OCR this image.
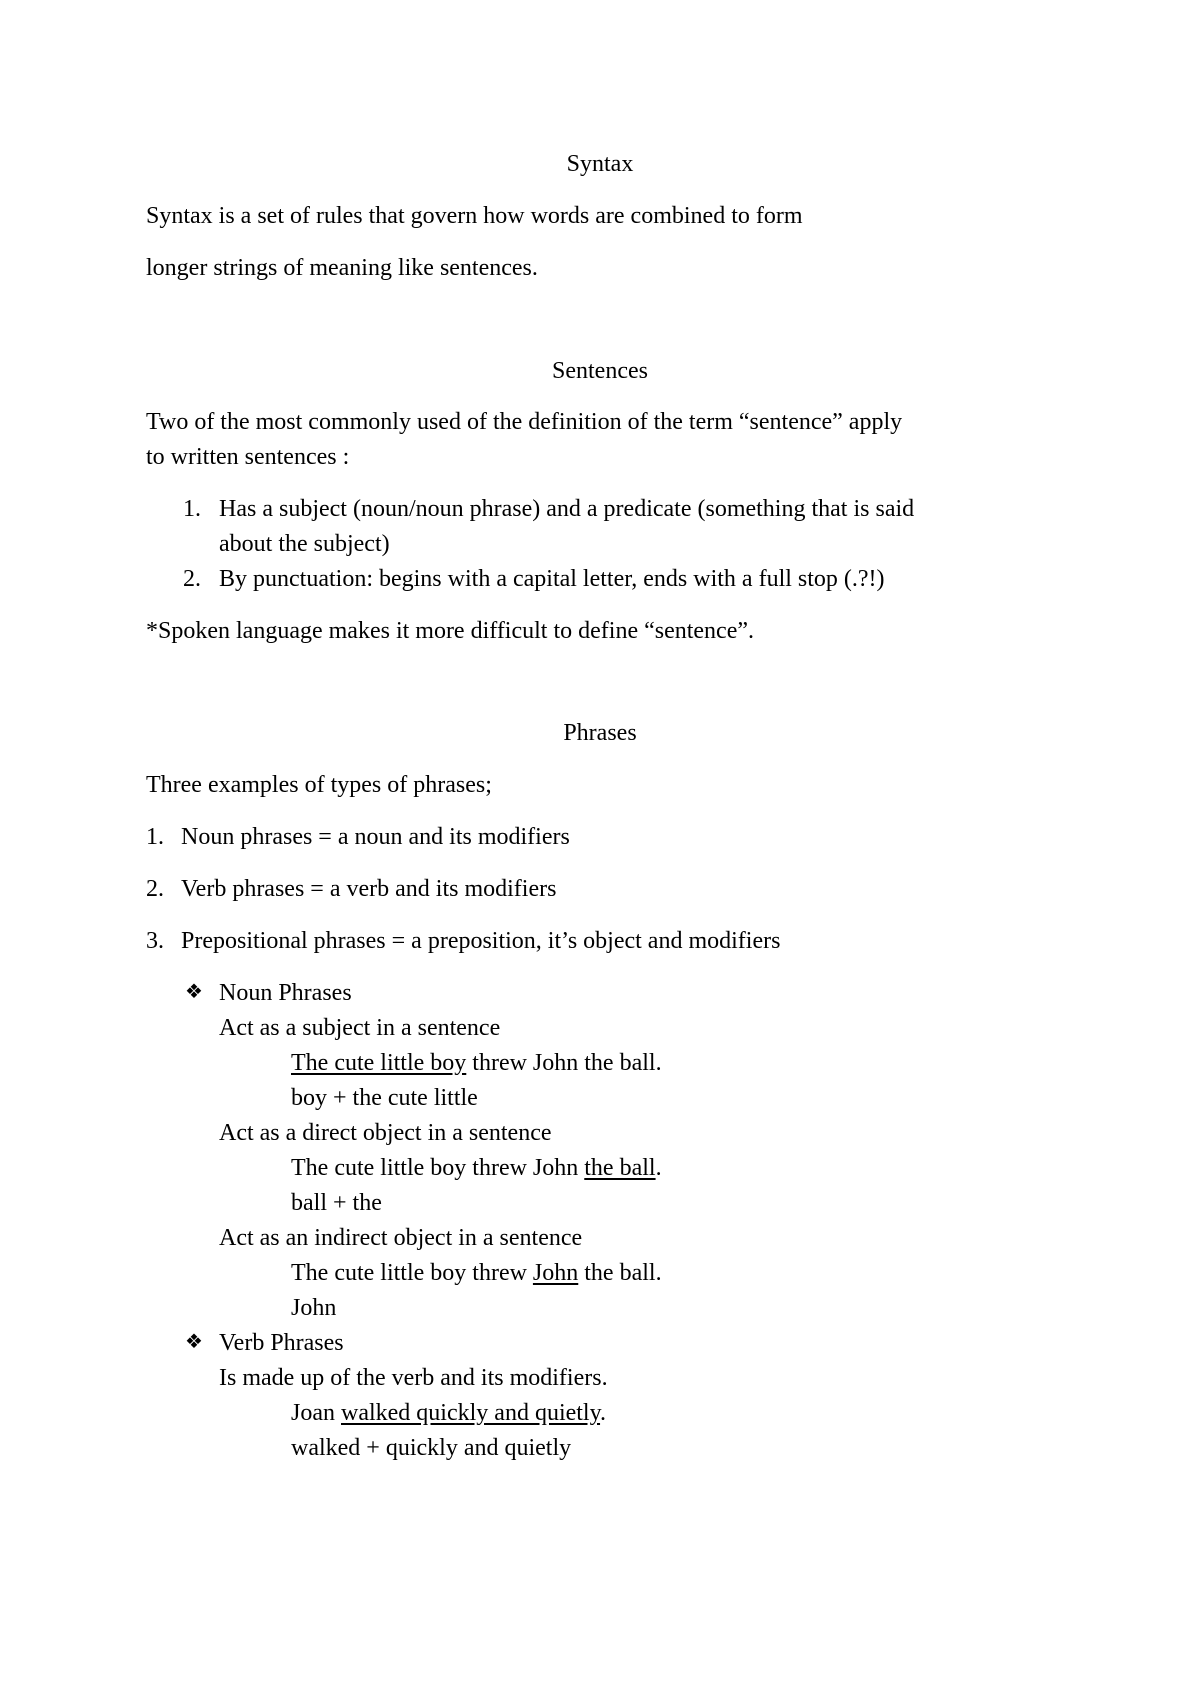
Syntax
Syntax is a set of rules that govern how words are combined to form
longer strings of meaning like sentences.
Sentences
Two of the most commonly used of the definition of the term “sentence” apply
to written sentences :
1. Has a subject (noun/noun phrase) and a predicate (something that is said
about the subject)
2. By punctuation: begins with a capital letter, ends with a full stop (.?!)
*Spoken language makes it more difficult to define “sentence”.
Phrases
Three examples of types of phrases;
1. Noun phrases = a noun and its modifiers
2. Verb phrases = a verb and its modifiers
3. Prepositional phrases = a preposition, it’s object and modifiers
❖ Noun Phrases
Act as a subject in a sentence
The cute little boy threw John the ball.
boy + the cute little
Act as a direct object in a sentence
The cute little boy threw John the ball.
ball + the
Act as an indirect object in a sentence
The cute little boy threw John the ball.
John
❖ Verb Phrases
Is made up of the verb and its modifiers.
Joan walked quickly and quietly.
walked + quickly and quietly
